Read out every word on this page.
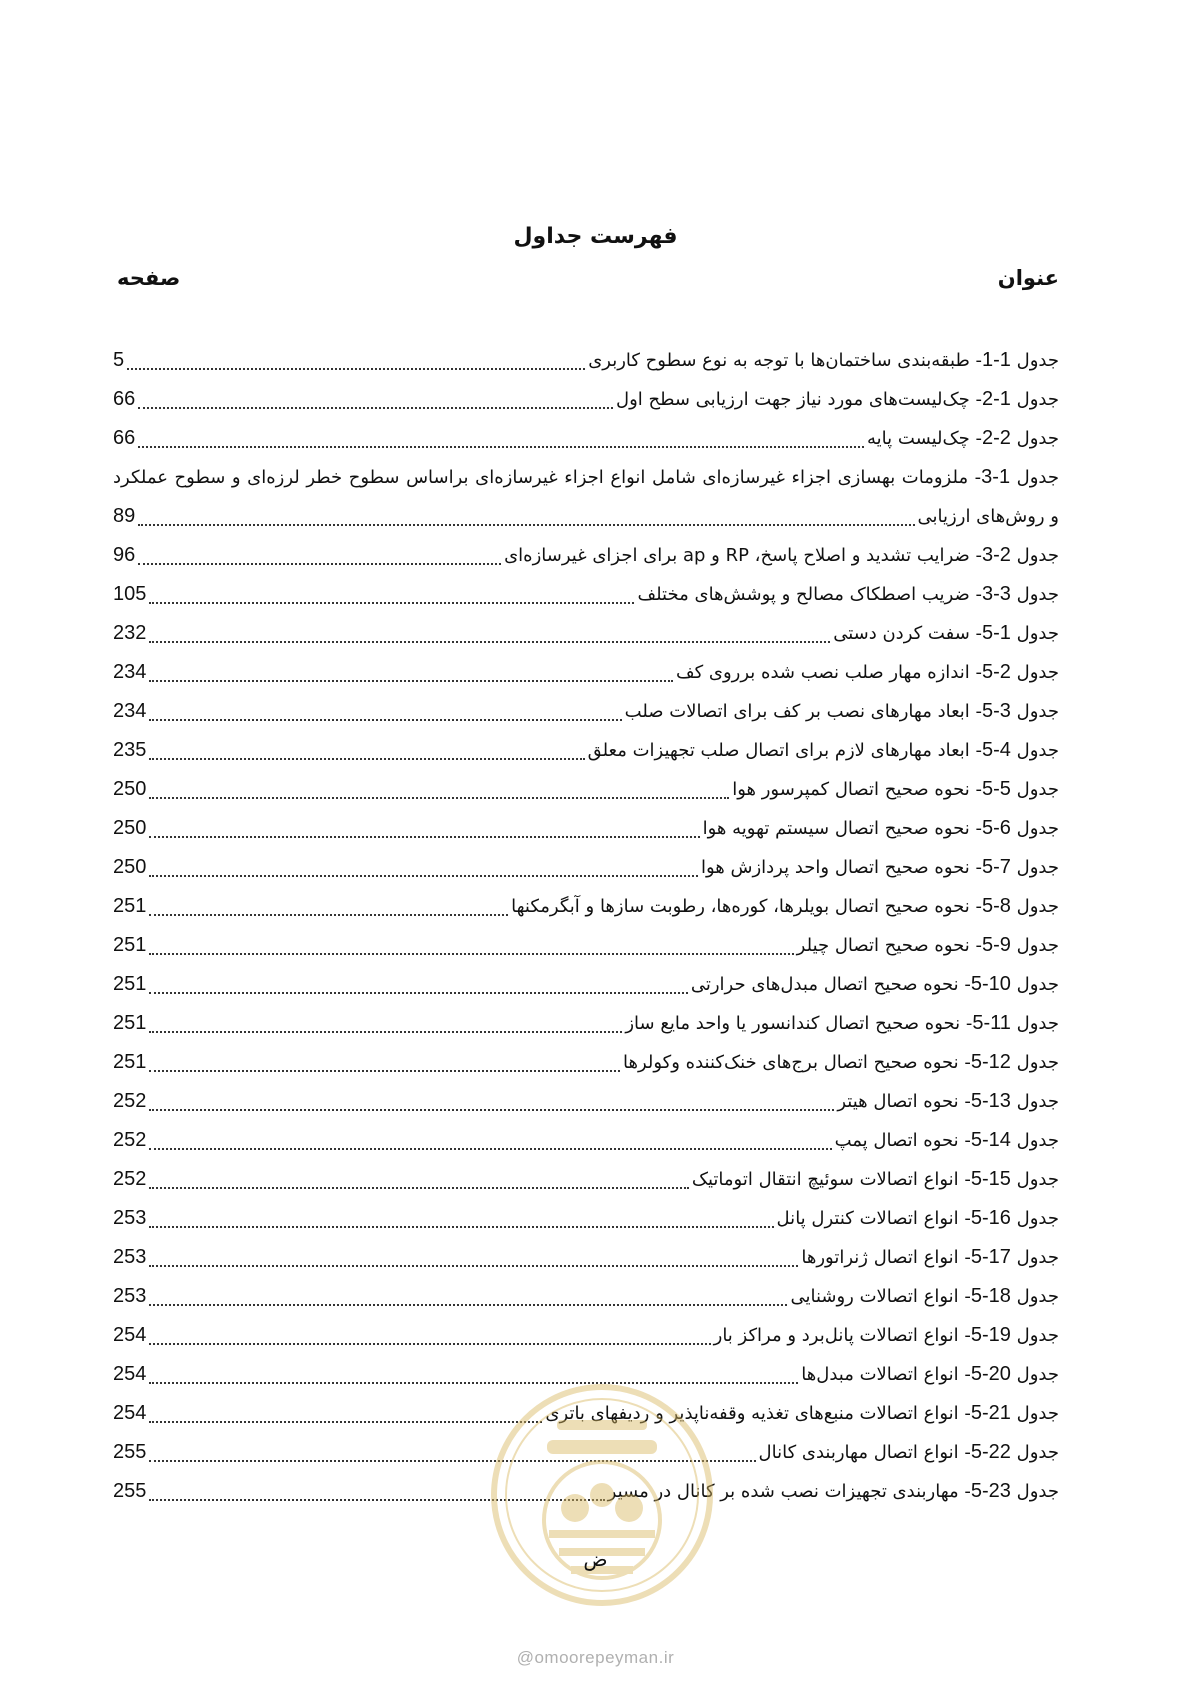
فهرست جداول
عنوان
صفحه
جدول 1-1- طبقه‌بندی ساختمان‌ها با توجه به نوع سطوح کاربری
5
جدول 1-2- چک‌لیست‌های مورد نیاز جهت ارزیابی سطح اول
66
جدول 2-2- چک‌لیست پایه
66
جدول 1-3- ملزومات بهسازی اجزاء غیرسازه‌ای شامل انواع اجزاء غیرسازه‌ای براساس سطوح خطر لرزه‌ای و سطوح عملکرد
و روش‌های ارزیابی
89
جدول 2-3- ضرایب تشدید و اصلاح پاسخ، RP و ap برای اجزای غیرسازه‌ای
96
جدول 3-3- ضریب اصطکاک مصالح و پوشش‌های مختلف
105
جدول 1-5- سفت کردن دستی
232
جدول 2-5- اندازه مهار صلب نصب شده برروی کف
234
جدول 3-5- ابعاد مهارهای نصب بر کف برای اتصالات صلب
234
جدول 4-5- ابعاد مهارهای لازم برای اتصال صلب تجهیزات معلق
235
جدول 5-5- نحوه صحیح اتصال کمپرسور هوا
250
جدول 6-5- نحوه صحیح اتصال سیستم تهویه هوا
250
جدول 7-5- نحوه صحیح اتصال واحد پردازش هوا
250
جدول 8-5- نحوه صحیح اتصال بویلرها، کوره‌ها، رطوبت سازها و آبگرمکنها
251
جدول 9-5- نحوه صحیح اتصال چیلر
251
جدول 10-5- نحوه صحیح اتصال مبدل‌های حرارتی
251
جدول 11-5- نحوه صحیح اتصال کندانسور یا واحد مایع ساز
251
جدول 12-5- نحوه صحیح اتصال برج‌های خنک‌کننده وکولرها
251
جدول 13-5- نحوه اتصال هیتر
252
جدول 14-5- نحوه اتصال پمپ
252
جدول 15-5- انواع اتصالات سوئیچ انتقال اتوماتیک
252
جدول 16-5- انواع اتصالات کنترل پانل
253
جدول 17-5- انواع اتصال ژنراتورها
253
جدول 18-5- انواع اتصالات روشنایی
253
جدول 19-5- انواع اتصالات پانل‌برد و مراکز بار
254
جدول 20-5- انواع اتصالات مبدل‌ها
254
جدول 21-5- انواع اتصالات منبع‌های تغذیه وقفه‌ناپذیر و ردیفهای باتری
254
جدول 22-5- انواع اتصال مهاربندی کانال
255
جدول 23-5- مهاربندی تجهیزات نصب شده بر کانال در مسیر
255
ض
@omoorepeyman.ir
